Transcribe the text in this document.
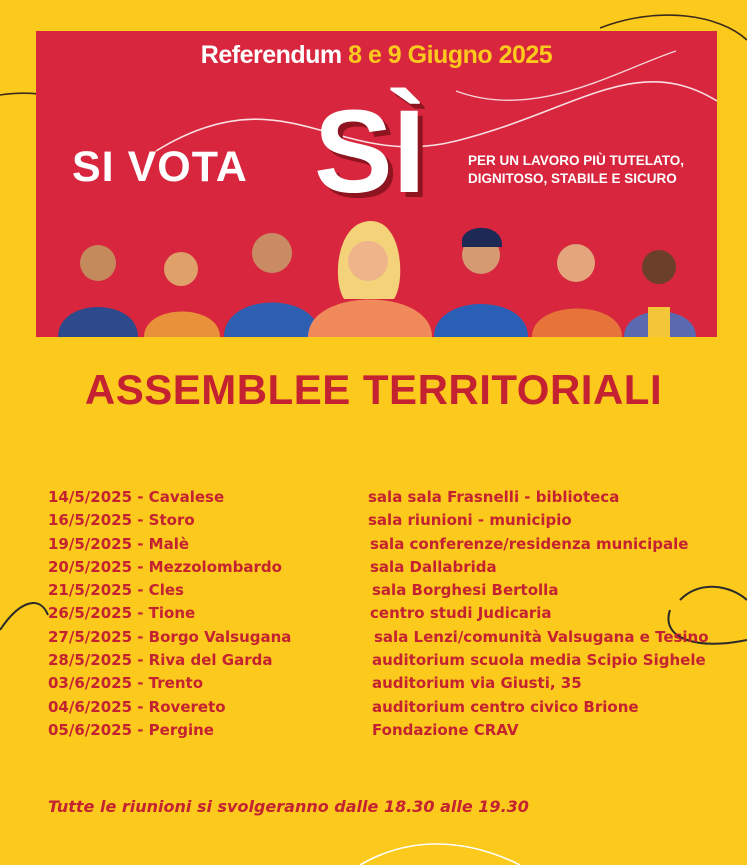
Referendum 8 e 9 Giugno 2025
SI VOTA SÌ	PER UN LAVORO PIÙ TUTELATO,
DIGNITOSO, STABILE E SICURO
ASSEMBLEE TERRITORIALI
14/5/2025 - Cavalese	sala sala Frasnelli - biblioteca
16/5/2025 - Storo	sala riunioni - municipio
19/5/2025 - Malè	sala conferenze/residenza municipale
20/5/2025 - Mezzolombardo	sala Dallabrida
21/5/2025 - Cles	sala Borghesi Bertolla
26/5/2025 - Tione	centro studi Judicaria
27/5/2025 - Borgo Valsugana	sala Lenzi/comunità Valsugana e Tesino
28/5/2025 - Riva del Garda	auditorium scuola media Scipio Sighele
03/6/2025 - Trento	auditorium via Giusti, 35
04/6/2025 - Rovereto	auditorium centro civico Brione
05/6/2025 - Pergine	Fondazione CRAV
Tutte le riunioni si svolgeranno dalle 18.30 alle 19.30
